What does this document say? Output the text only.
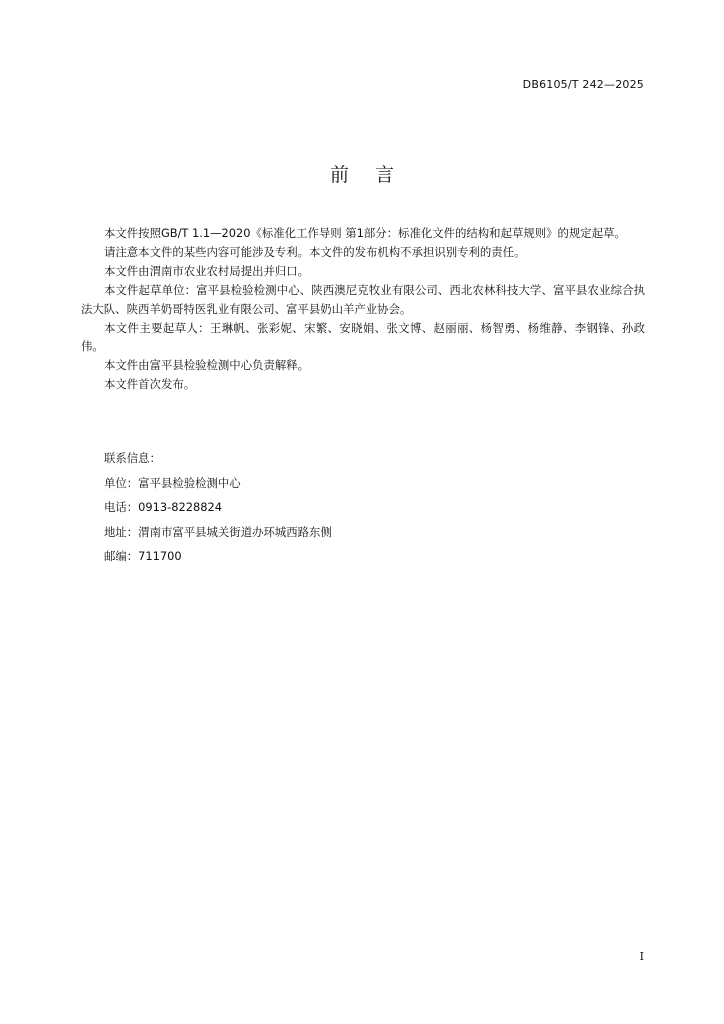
DB6105/T 242—2025
前言

本文件按照GB/T 1.1—2020《标准化工作导则 第1部分：标准化文件的结构和起草规则》的规定起草。

请注意本文件的某些内容可能涉及专利。本文件的发布机构不承担识别专利的责任。

本文件由渭南市农业农村局提出并归口。

本文件起草单位：富平县检验检测中心、陕西澳尼克牧业有限公司、西北农林科技大学、富平县农业综合执法大队、陕西羊奶哥特医乳业有限公司、富平县奶山羊产业协会。

本文件主要起草人：王琳帆、张彩妮、宋繁、安晓娟、张文博、赵丽丽、杨智勇、杨维静、李钢锋、孙政伟。

本文件由富平县检验检测中心负责解释。

本文件首次发布。

联系信息：
单位：富平县检验检测中心
电话：0913-8228824
地址：渭南市富平县城关街道办环城西路东侧
邮编：711700
I
